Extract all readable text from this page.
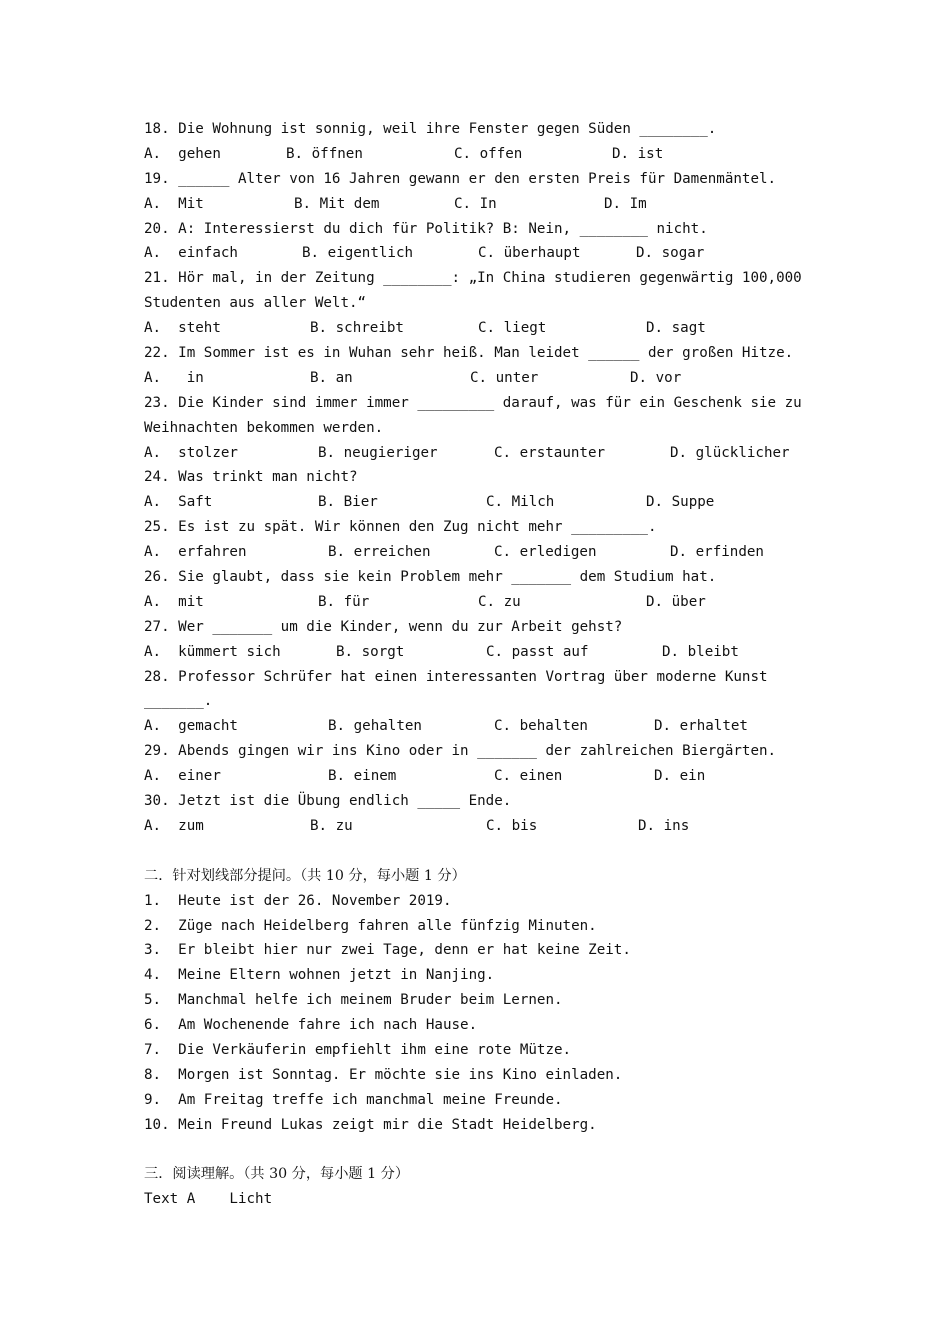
18. Die Wohnung ist sonnig, weil ihre Fenster gegen Süden ________.
A.  gehen	B. öffnen	C. offen	D. ist
19. ______ Alter von 16 Jahren gewann er den ersten Preis für Damenmäntel.
A.  Mit	B. Mit dem	C. In	D. Im
20. A: Interessierst du dich für Politik? B: Nein, ________ nicht.
A.  einfach	B. eigentlich	C. überhaupt	D. sogar
21. Hör mal, in der Zeitung ________: „In China studieren gegenwärtig 100,000
Studenten aus aller Welt.“
A.  steht	B. schreibt	C. liegt	D. sagt
22. Im Sommer ist es in Wuhan sehr heiß. Man leidet ______ der großen Hitze.
A.   in	B. an	C. unter	D. vor
23. Die Kinder sind immer immer _________ darauf, was für ein Geschenk sie zu
Weihnachten bekommen werden.
A.  stolzer	B. neugieriger	C. erstaunter	D. glücklicher
24. Was trinkt man nicht?
A.  Saft	B. Bier	C. Milch	D. Suppe
25. Es ist zu spät. Wir können den Zug nicht mehr _________.
A.  erfahren	B. erreichen	C. erledigen	D. erfinden
26. Sie glaubt, dass sie kein Problem mehr _______ dem Studium hat.
A.  mit	B. für	C. zu	D. über
27. Wer _______ um die Kinder, wenn du zur Arbeit gehst?
A.  kümmert sich	B. sorgt	C. passt auf	D. bleibt
28. Professor Schrüfer hat einen interessanten Vortrag über moderne Kunst
_______.
A.  gemacht	B. gehalten	C. behalten	D. erhaltet
29. Abends gingen wir ins Kino oder in _______ der zahlreichen Biergärten.
A.  einer	B. einem	C. einen	D. ein
30. Jetzt ist die Übung endlich _____ Ende.
A.  zum	B. zu	C. bis	D. ins
二．针对划线部分提问。（共 10 分，每小题 1 分）
1.  Heute ist der 26. November 2019.
2.  Züge nach Heidelberg fahren alle fünfzig Minuten.
3.  Er bleibt hier nur zwei Tage, denn er hat keine Zeit.
4.  Meine Eltern wohnen jetzt in Nanjing.
5.  Manchmal helfe ich meinem Bruder beim Lernen.
6.  Am Wochenende fahre ich nach Hause.
7.  Die Verkäuferin empfiehlt ihm eine rote Mütze.
8.  Morgen ist Sonntag. Er möchte sie ins Kino einladen.
9.  Am Freitag treffe ich manchmal meine Freunde.
10. Mein Freund Lukas zeigt mir die Stadt Heidelberg.
三．阅读理解。（共 30 分，每小题 1 分）
Text A    Licht
